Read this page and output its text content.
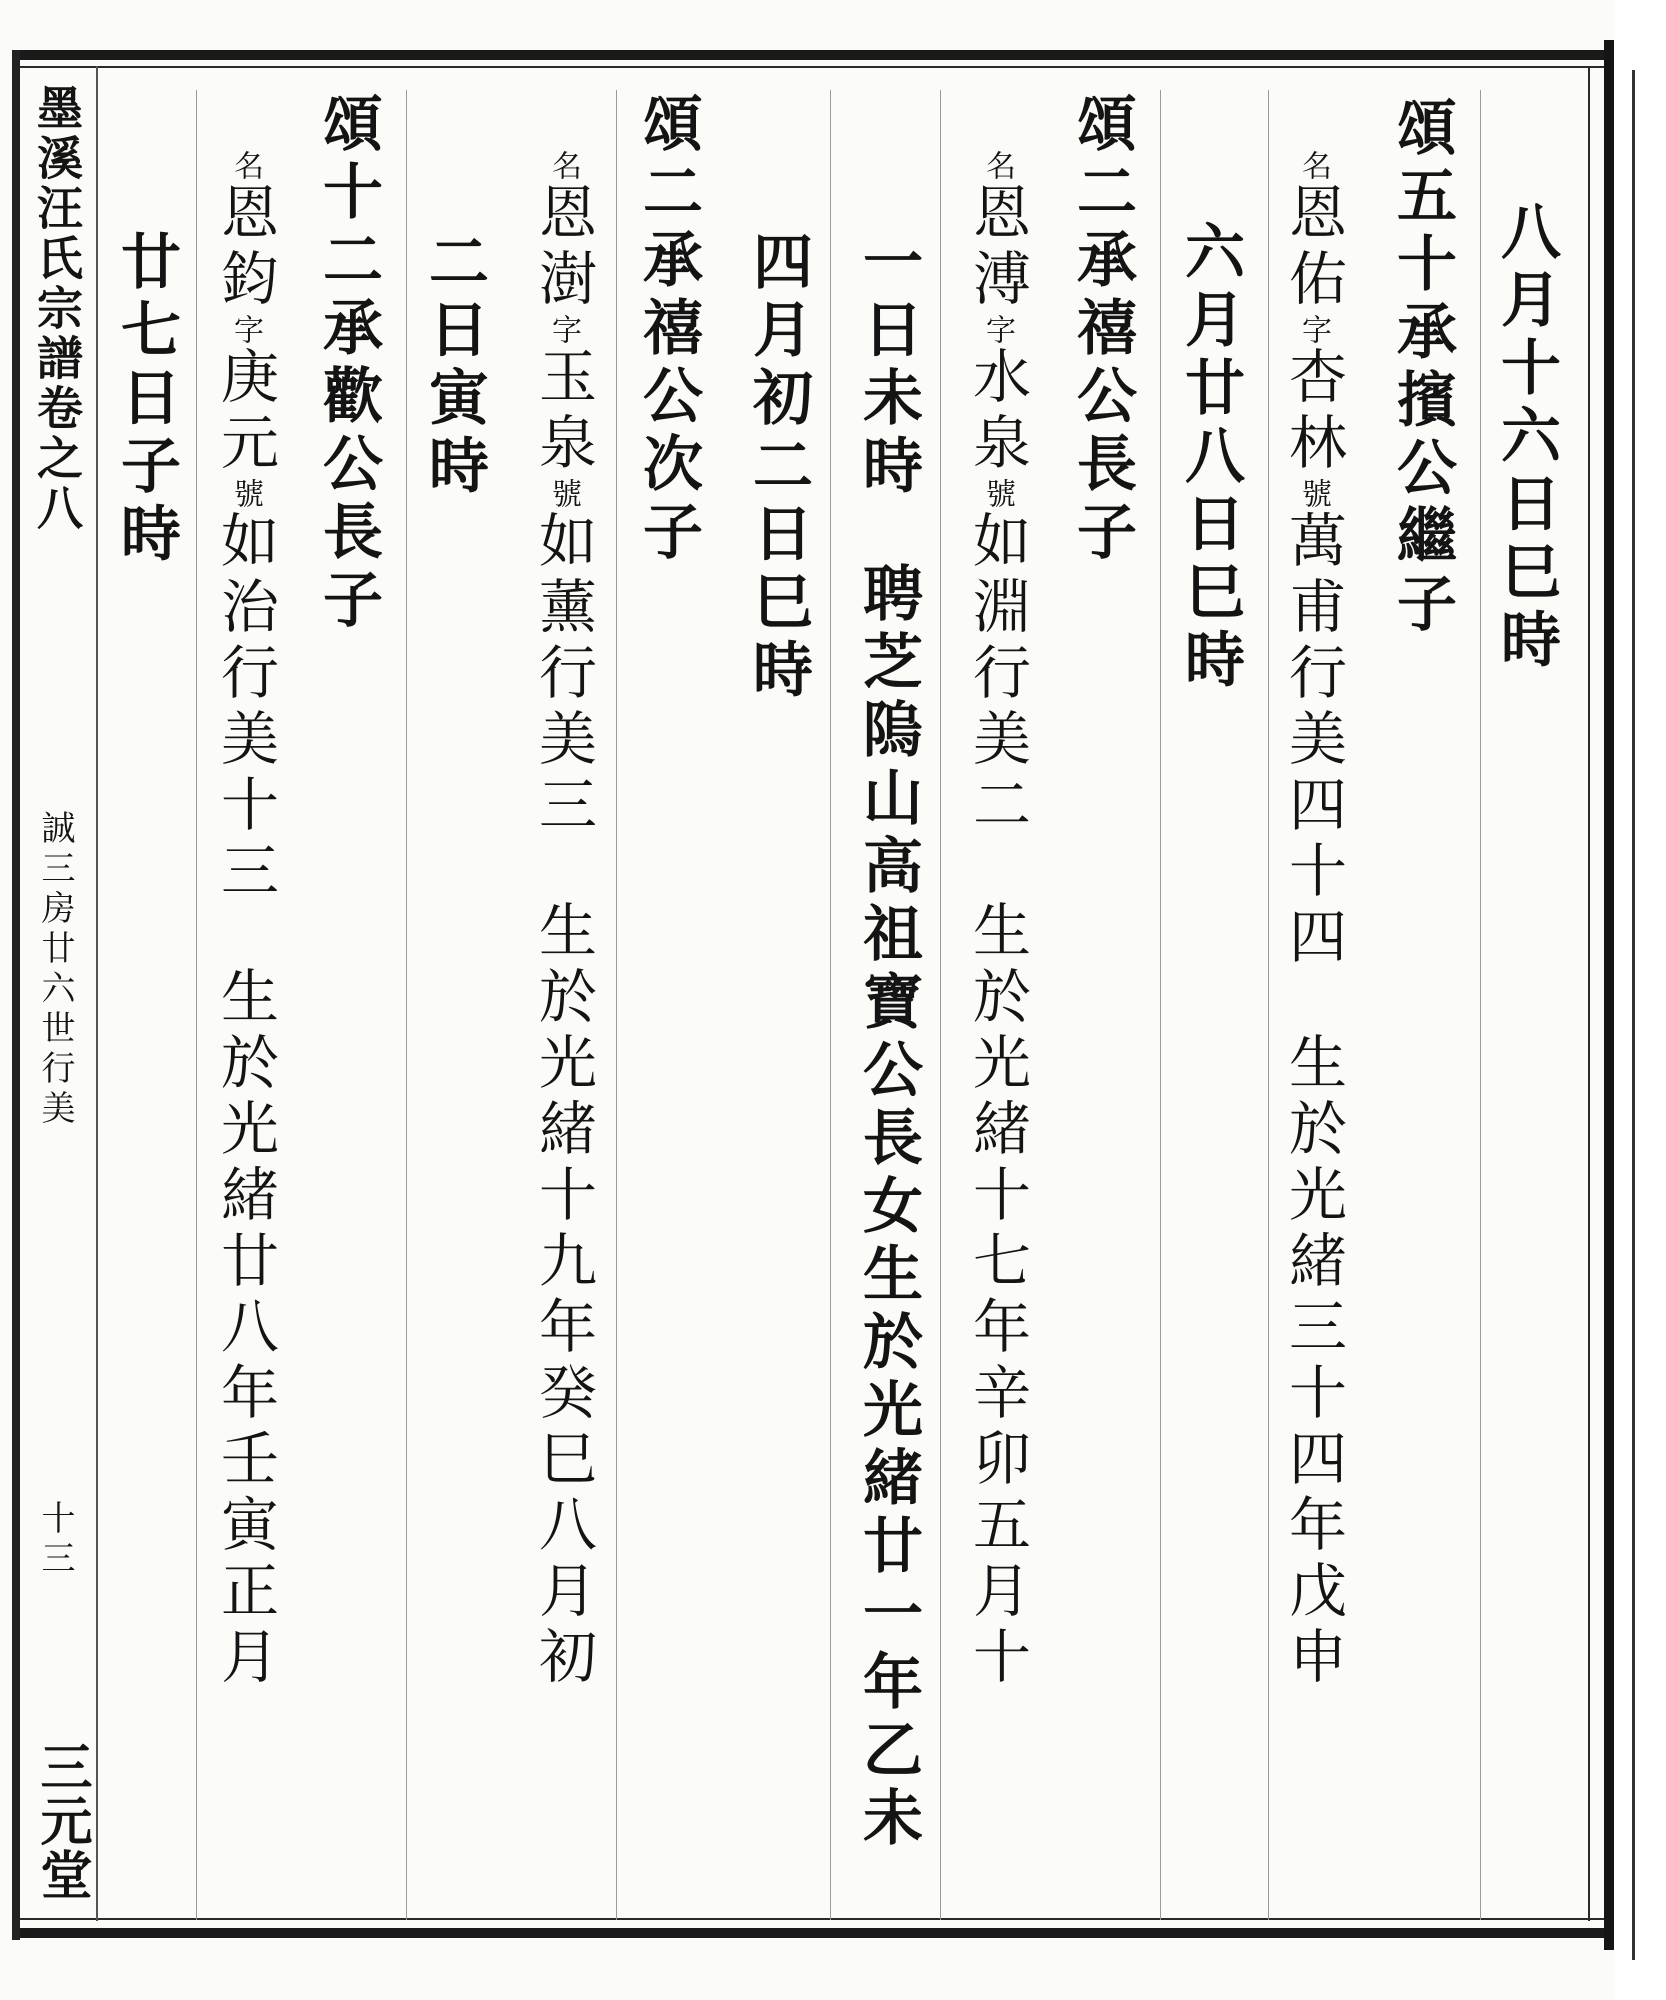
八月十六日巳時
頌五十承擯公繼子
名恩佑字杏林號萬甫行美四十四生於光緒三十四年戊申
六月廿八日巳時
頌二承禧公長子
名恩溥字水泉號如淵行美二生於光緒十七年辛卯五月十
一日未時聘芝隖山高祖寶公長女生於光緒廿一年乙未
四月初二日巳時
頌二承禧公次子
名恩澍字玉泉號如薰行美三生於光緒十九年癸巳八月初
二日寅時
頌十二承歡公長子
名恩鈞字庚元號如治行美十三生於光緒廿八年壬寅正月
廿七日子時
墨溪汪氏宗譜卷之八
誠三房廿六世行美
十三
三元堂
